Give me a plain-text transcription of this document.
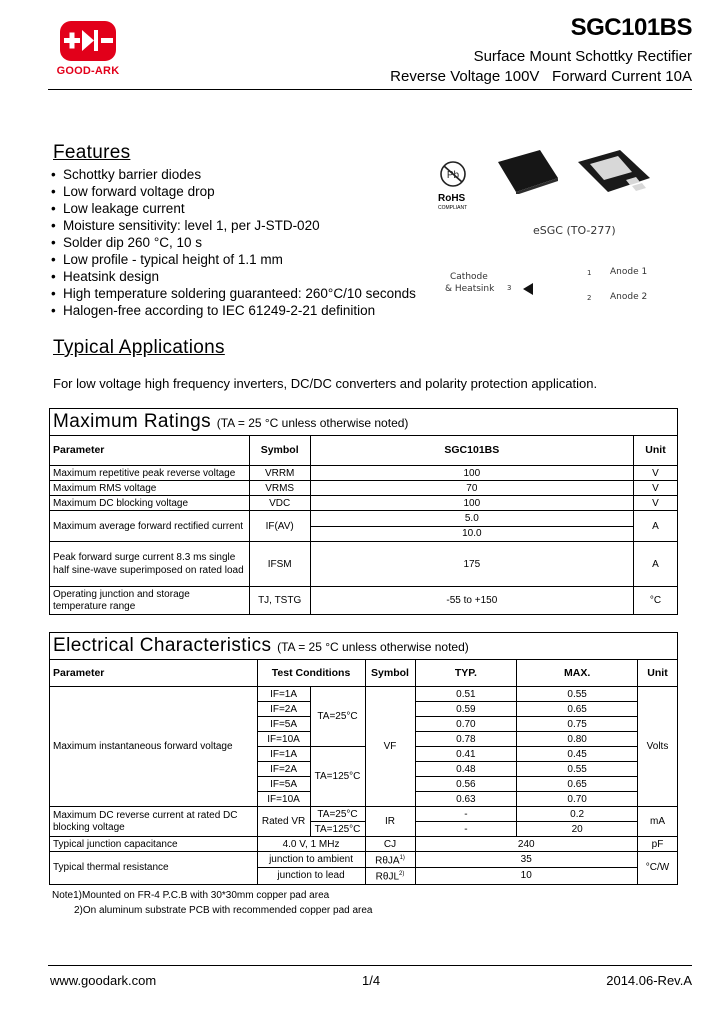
GOOD-ARK
SGC101BS
Surface Mount Schottky Rectifier
Reverse Voltage 100V   Forward Current 10A
Features
• Schottky barrier diodes
• Low forward voltage drop
• Low leakage current
• Moisture sensitivity: level 1, per J-STD-020
• Solder dip 260 °C, 10 s
• Low profile - typical height of 1.1 mm
• Heatsink design
• High temperature soldering guaranteed: 260°C/10 seconds
• Halogen-free according to IEC 61249-2-21 definition
Pb
RoHS
COMPLIANT
eSGC (TO-277)
Cathode
& Heatsink 3
1 Anode 1
2 Anode 2
Typical Applications
For low voltage high frequency inverters, DC/DC converters and polarity protection application.
Maximum Ratings (TA = 25 °C unless otherwise noted)			
Parameter	Symbol	SGC101BS	Unit
Maximum repetitive peak reverse voltage	VRRM	100	V
Maximum RMS voltage	VRMS	70	V
Maximum DC blocking voltage	VDC	100	V
Maximum average forward rectified current	IF(AV)	5.0	A
		10.0	
Peak forward surge current 8.3 ms single half sine-wave superimposed on rated load	IFSM	175	A
Operating junction and storage temperature range	TJ, TSTG	-55 to +150	°C
Electrical Characteristics (TA = 25 °C unless otherwise noted)						
Parameter	Test Conditions		Symbol	TYP.	MAX.	Unit
Maximum instantaneous forward voltage	IF=1A	TA=25°C	VF	0.51	0.55	Volts
	IF=2A			0.59	0.65	
	IF=5A			0.70	0.75	
	IF=10A			0.78	0.80	
	IF=1A	TA=125°C		0.41	0.45	
	IF=2A			0.48	0.55	
	IF=5A			0.56	0.65	
	IF=10A			0.63	0.70	
Maximum DC reverse current at rated DC blocking voltage	Rated VR	TA=25°C	IR	-	0.2	mA
		TA=125°C		-	20	
Typical junction capacitance	4.0 V, 1 MHz		CJ	240		pF
Typical thermal resistance	junction to ambient		RθJA$^{1)}$	35		°C/W
	junction to lead		RθJL$^{2)}$	10		
Note1)Mounted on FR-4 P.C.B with 30*30mm copper pad area
2)On aluminum substrate PCB with recommended copper pad area
www.goodark.com	1/4	2014.06-Rev.A
